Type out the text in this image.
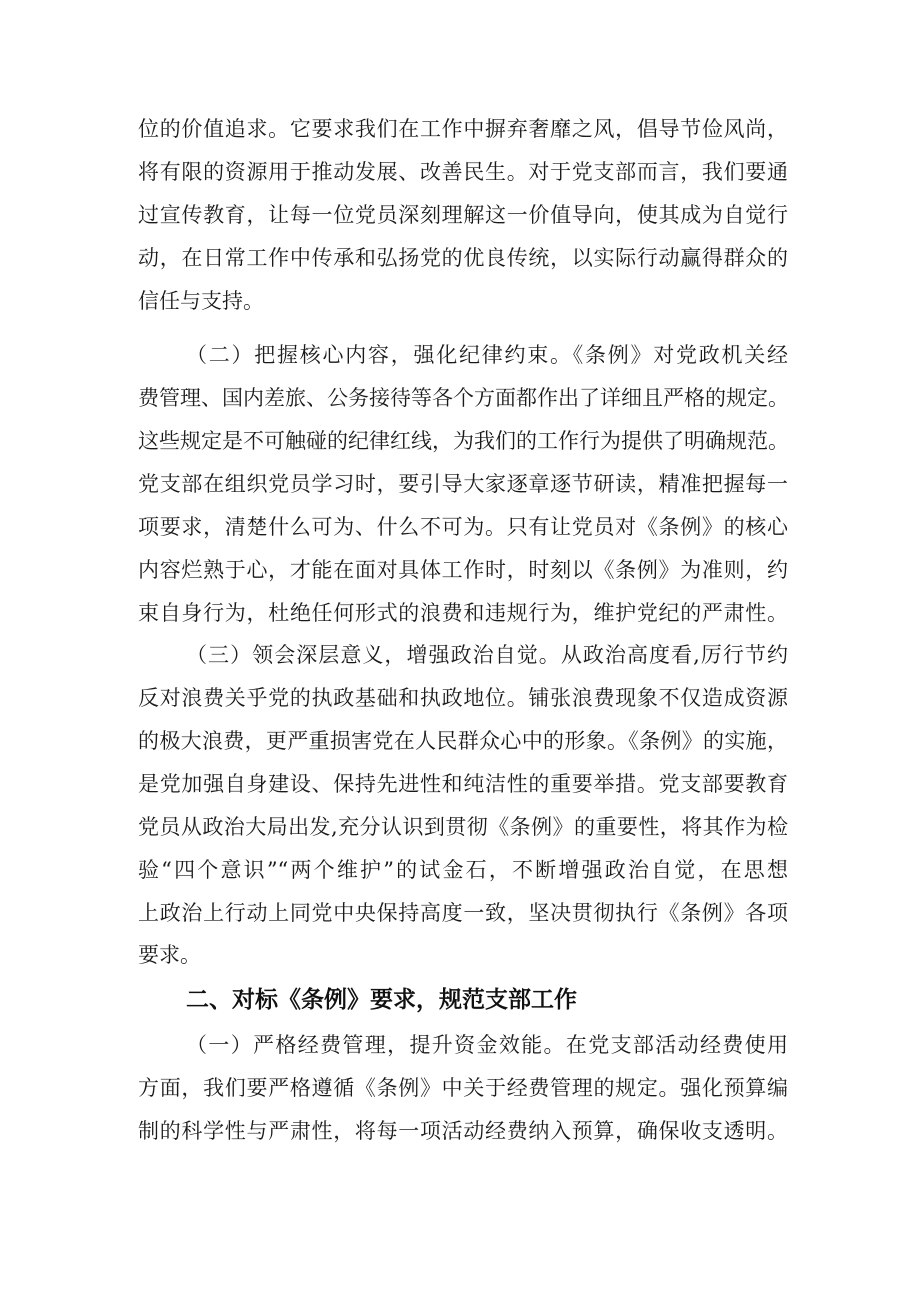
位的价值追求。它要求我们在工作中摒弃奢靡之风，倡导节俭风尚，
将有限的资源用于推动发展、改善民生。对于党支部而言，我们要通
过宣传教育，让每一位党员深刻理解这一价值导向，使其成为自觉行
动，在日常工作中传承和弘扬党的优良传统，以实际行动赢得群众的
信任与支持。
（二）把握核心内容，强化纪律约束。《条例》对党政机关经
费管理、国内差旅、公务接待等各个方面都作出了详细且严格的规定。
这些规定是不可触碰的纪律红线，为我们的工作行为提供了明确规范。
党支部在组织党员学习时，要引导大家逐章逐节研读，精准把握每一
项要求，清楚什么可为、什么不可为。只有让党员对《条例》的核心
内容烂熟于心，才能在面对具体工作时，时刻以《条例》为准则，约
束自身行为，杜绝任何形式的浪费和违规行为，维护党纪的严肃性。
（三）领会深层意义，增强政治自觉。从政治高度看,厉行节约
反对浪费关乎党的执政基础和执政地位。铺张浪费现象不仅造成资源
的极大浪费，更严重损害党在人民群众心中的形象。《条例》的实施，
是党加强自身建设、保持先进性和纯洁性的重要举措。党支部要教育
党员从政治大局出发,充分认识到贯彻《条例》的重要性，将其作为检
验“四个意识”“两个维护”的试金石，不断增强政治自觉，在思想
上政治上行动上同党中央保持高度一致，坚决贯彻执行《条例》各项
要求。
二、对标《条例》要求，规范支部工作
（一）严格经费管理，提升资金效能。在党支部活动经费使用
方面，我们要严格遵循《条例》中关于经费管理的规定。强化预算编
制的科学性与严肃性，将每一项活动经费纳入预算，确保收支透明。
